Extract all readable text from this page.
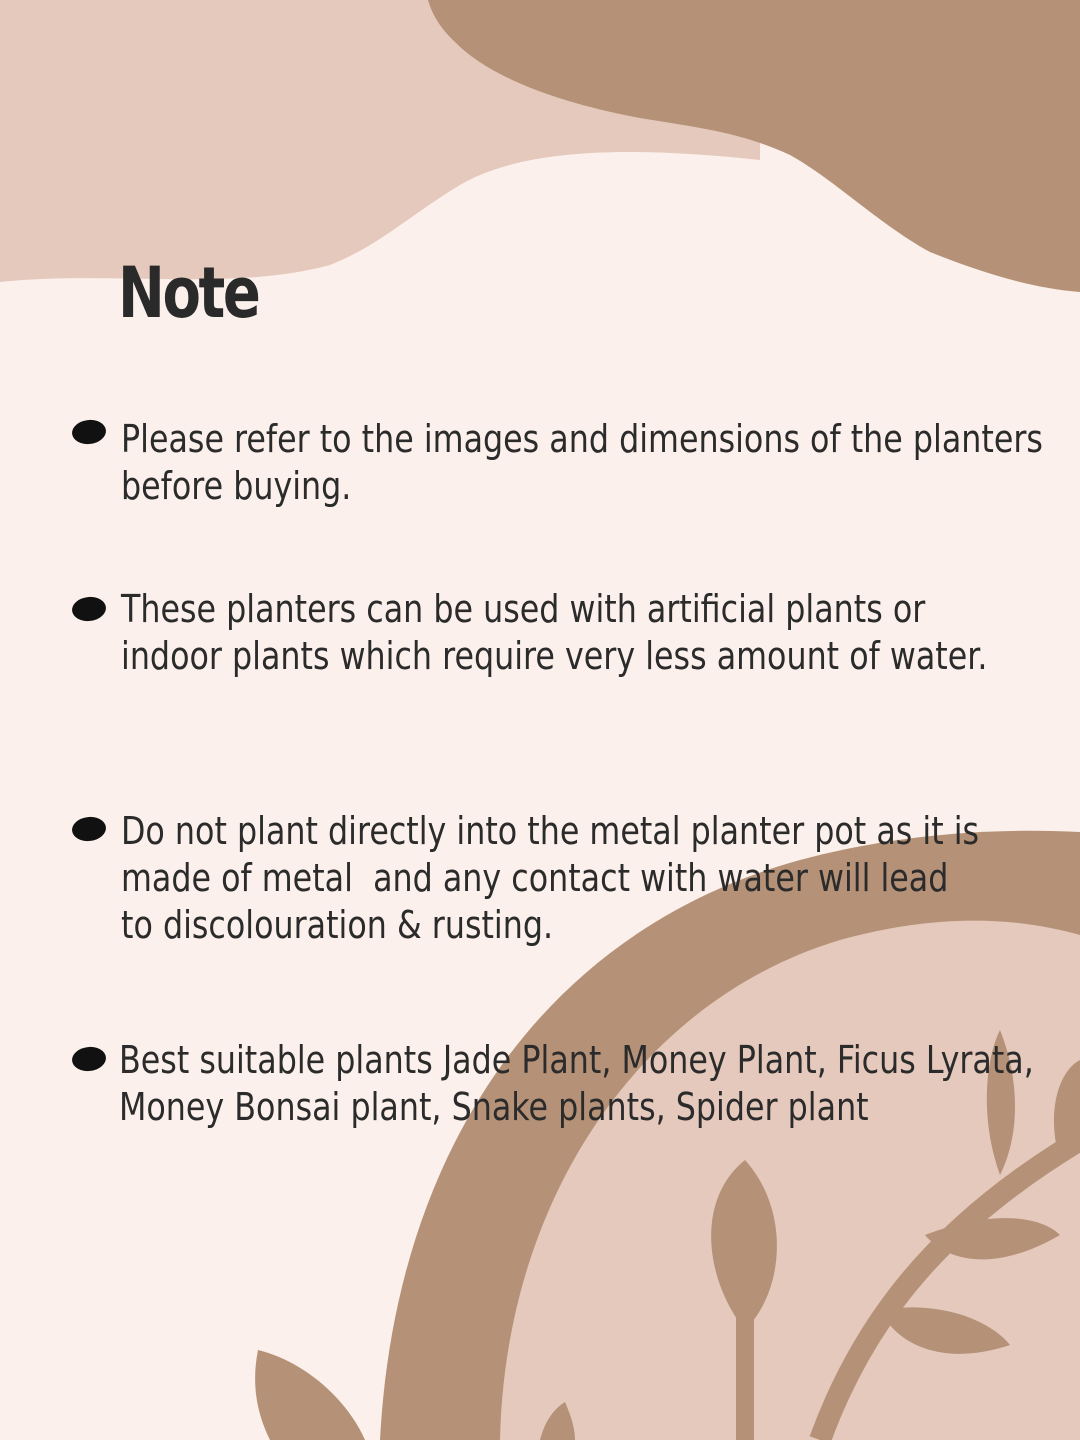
Note

Please refer to the images and dimensions of the planters
before buying.

These planters can be used with artificial plants or
indoor plants which require very less amount of water.

Do not plant directly into the metal planter pot as it is
made of metal  and any contact with water will lead
to discolouration & rusting.

Best suitable plants Jade Plant, Money Plant, Ficus Lyrata,
Money Bonsai plant, Snake plants, Spider plant
